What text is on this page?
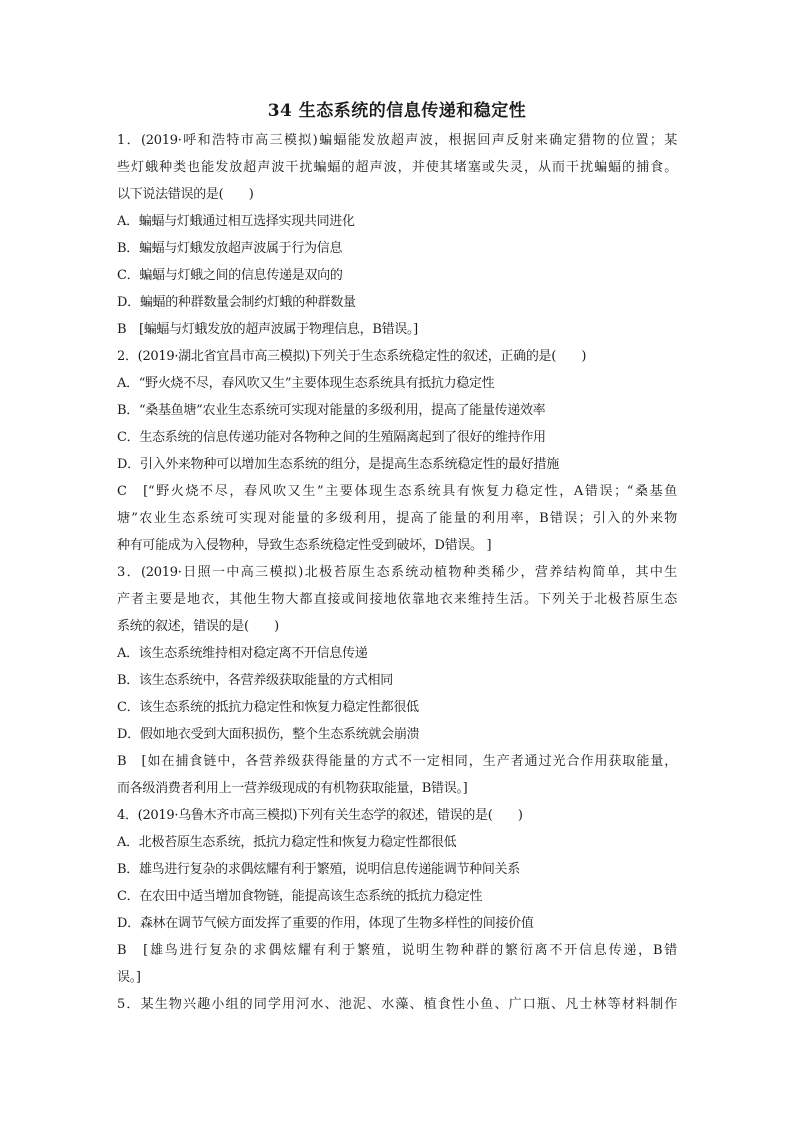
34 生态系统的信息传递和稳定性
1．(2019·呼和浩特市高三模拟)蝙蝠能发放超声波，根据回声反射来确定猎物的位置；某
些灯蛾种类也能发放超声波干扰蝙蝠的超声波，并使其堵塞或失灵，从而干扰蝙蝠的捕食。
以下说法错误的是(　　)
A．蝙蝠与灯蛾通过相互选择实现共同进化
B．蝙蝠与灯蛾发放超声波属于行为信息
C．蝙蝠与灯蛾之间的信息传递是双向的
D．蝙蝠的种群数量会制约灯蛾的种群数量
B　[蝙蝠与灯蛾发放的超声波属于物理信息，B错误。]
2．(2019·湖北省宜昌市高三模拟)下列关于生态系统稳定性的叙述，正确的是(　　)
A．“野火烧不尽，春风吹又生”主要体现生态系统具有抵抗力稳定性
B．“桑基鱼塘”农业生态系统可实现对能量的多级利用，提高了能量传递效率
C．生态系统的信息传递功能对各物种之间的生殖隔离起到了很好的维持作用
D．引入外来物种可以增加生态系统的组分，是提高生态系统稳定性的最好措施
C　[“野火烧不尽，春风吹又生”主要体现生态系统具有恢复力稳定性，A错误；“桑基鱼
塘”农业生态系统可实现对能量的多级利用，提高了能量的利用率，B错误；引入的外来物
种有可能成为入侵物种，导致生态系统稳定性受到破坏，D错误。 ]
3．(2019·日照一中高三模拟)北极苔原生态系统动植物种类稀少，营养结构简单，其中生
产者主要是地衣，其他生物大都直接或间接地依靠地衣来维持生活。下列关于北极苔原生态
系统的叙述，错误的是(　　)
A．该生态系统维持相对稳定离不开信息传递
B．该生态系统中，各营养级获取能量的方式相同
C．该生态系统的抵抗力稳定性和恢复力稳定性都很低
D．假如地衣受到大面积损伤，整个生态系统就会崩溃
B　[如在捕食链中，各营养级获得能量的方式不一定相同，生产者通过光合作用获取能量，
而各级消费者利用上一营养级现成的有机物获取能量，B错误。]
4．(2019·乌鲁木齐市高三模拟)下列有关生态学的叙述，错误的是(　　)
A．北极苔原生态系统，抵抗力稳定性和恢复力稳定性都很低
B．雄鸟进行复杂的求偶炫耀有利于繁殖，说明信息传递能调节种间关系
C．在农田中适当增加食物链，能提高该生态系统的抵抗力稳定性
D．森林在调节气候方面发挥了重要的作用，体现了生物多样性的间接价值
B　[雄鸟进行复杂的求偶炫耀有利于繁殖，说明生物种群的繁衍离不开信息传递，B错
误。]
5．某生物兴趣小组的同学用河水、池泥、水藻、植食性小鱼、广口瓶、凡士林等材料制作
